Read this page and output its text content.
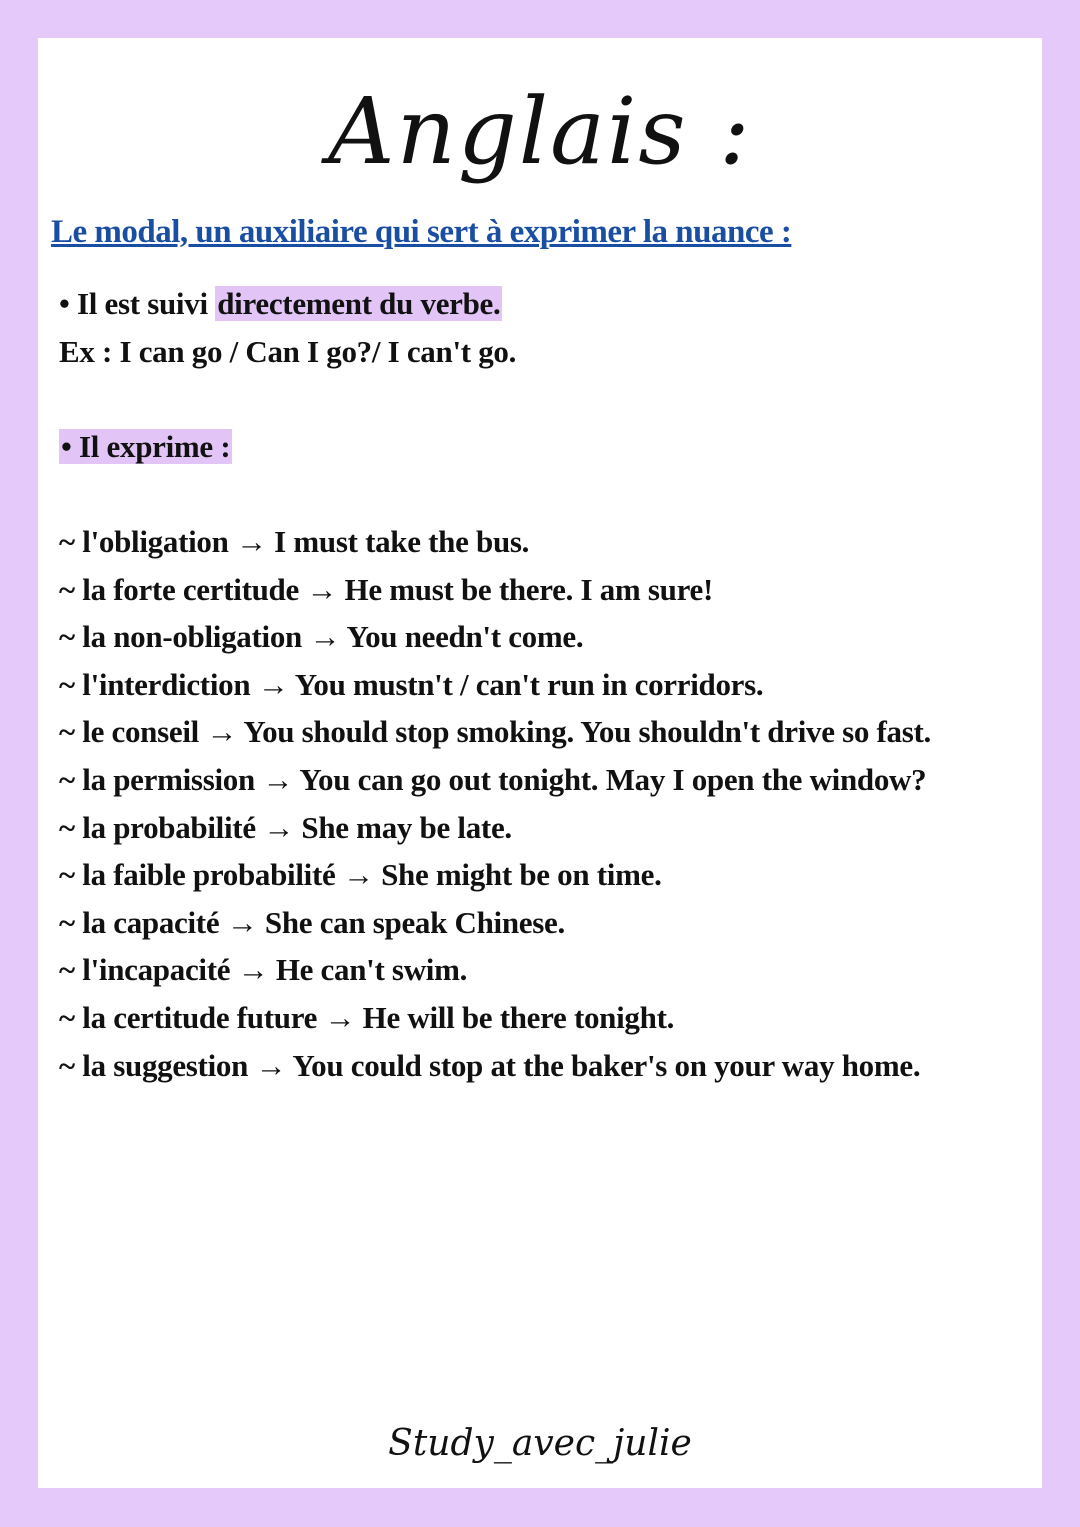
Anglais :
Le modal, un auxiliaire qui sert à exprimer la nuance :
• Il est suivi directement du verbe.
Ex : I can go / Can I go?/ I can't go.
• Il exprime :
~ l'obligation → I must take the bus.
~ la forte certitude → He must be there. I am sure!
~ la non-obligation → You needn't come.
~ l'interdiction → You mustn't / can't run in corridors.
~ le conseil → You should stop smoking. You shouldn't drive so fast.
~ la permission → You can go out tonight. May I open the window?
~ la probabilité → She may be late.
~ la faible probabilité → She might be on time.
~ la capacité → She can speak Chinese.
~ l'incapacité → He can't swim.
~ la certitude future → He will be there tonight.
~ la suggestion → You could stop at the baker's on your way home.
Study_avec_julie
